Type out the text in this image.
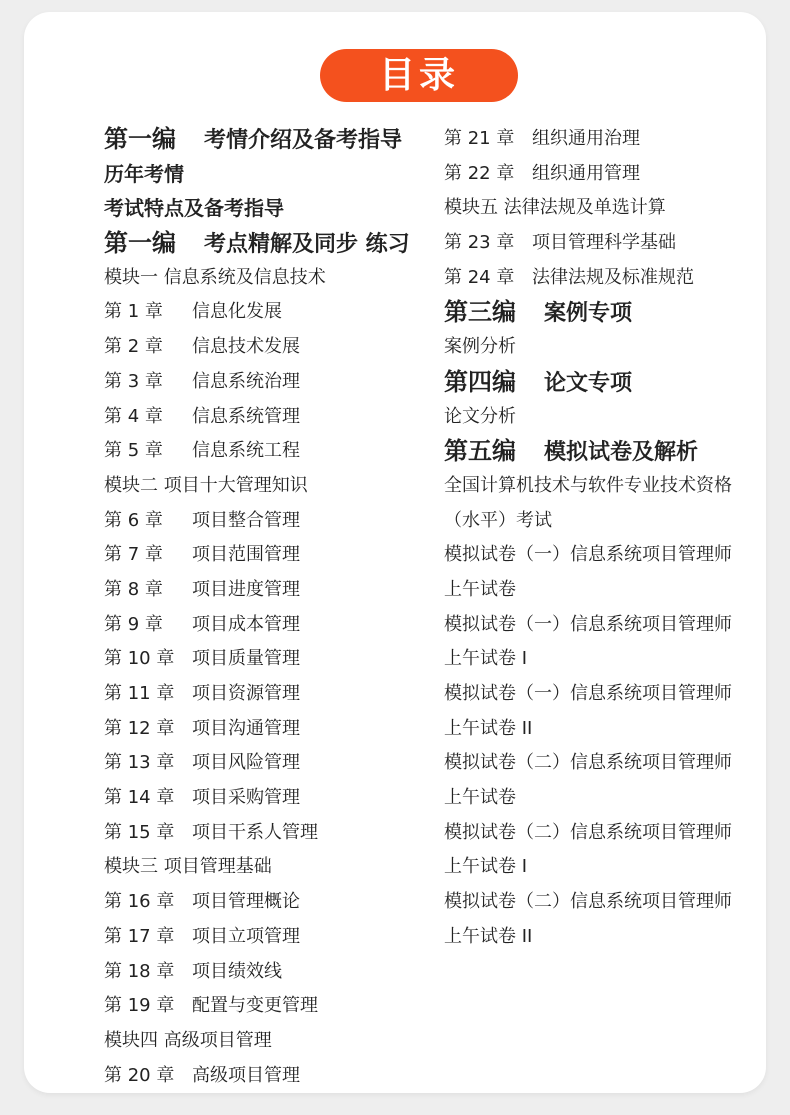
目录
第一编 考情介绍及备考指导
历年考情
考试特点及备考指导
第一编 考点精解及同步 练习
模块一 信息系统及信息技术
第 1 章 信息化发展
第 2 章 信息技术发展
第 3 章 信息系统治理
第 4 章 信息系统管理
第 5 章 信息系统工程
模块二 项目十大管理知识
第 6 章 项目整合管理
第 7 章 项目范围管理
第 8 章 项目进度管理
第 9 章 项目成本管理
第 10 章 项目质量管理
第 11 章 项目资源管理
第 12 章 项目沟通管理
第 13 章 项目风险管理
第 14 章 项目采购管理
第 15 章 项目干系人管理
模块三 项目管理基础
第 16 章 项目管理概论
第 17 章 项目立项管理
第 18 章 项目绩效线
第 19 章 配置与变更管理
模块四 高级项目管理
第 20 章 高级项目管理
第 21 章 组织通用治理
第 22 章 组织通用管理
模块五 法律法规及单选计算
第 23 章 项目管理科学基础
第 24 章 法律法规及标准规范
第三编 案例专项
案例分析
第四编 论文专项
论文分析
第五编 模拟试卷及解析
全国计算机技术与软件专业技术资格
（水平）考试
模拟试卷（一）信息系统项目管理师
上午试卷
模拟试卷（一）信息系统项目管理师
上午试卷 I
模拟试卷（一）信息系统项目管理师
上午试卷 II
模拟试卷（二）信息系统项目管理师
上午试卷
模拟试卷（二）信息系统项目管理师
上午试卷 I
模拟试卷（二）信息系统项目管理师
上午试卷 II
